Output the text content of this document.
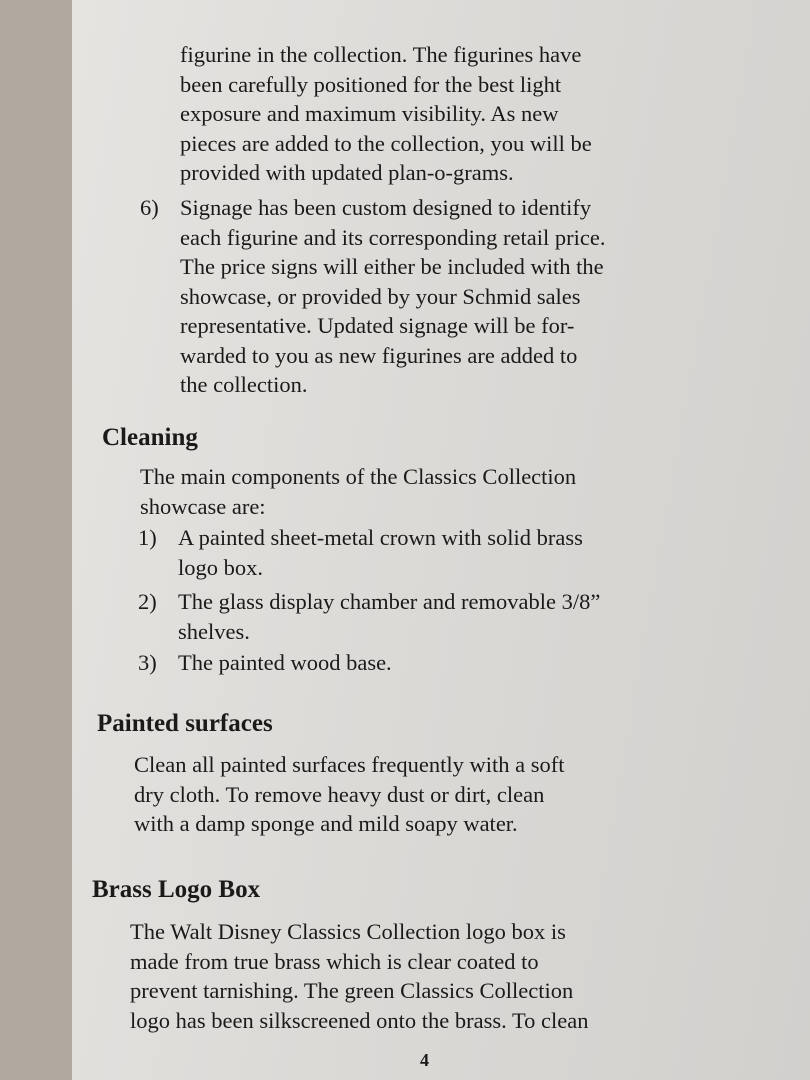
figurine in the collection. The figurines have
been carefully positioned for the best light
exposure and maximum visibility. As new
pieces are added to the collection, you will be
provided with updated plan-o-grams.

6) Signage has been custom designed to identify
each figurine and its corresponding retail price.
The price signs will either be included with the
showcase, or provided by your Schmid sales
representative. Updated signage will be for-
warded to you as new figurines are added to
the collection.
Cleaning

The main components of the Classics Collection
showcase are:

1) A painted sheet-metal crown with solid brass
logo box.
2) The glass display chamber and removable 3/8”
shelves.
3) The painted wood base.
Painted surfaces

Clean all painted surfaces frequently with a soft
dry cloth. To remove heavy dust or dirt, clean
with a damp sponge and mild soapy water.

Brass Logo Box

The Walt Disney Classics Collection logo box is
made from true brass which is clear coated to
prevent tarnishing. The green Classics Collection
logo has been silkscreened onto the brass. To clean

4
